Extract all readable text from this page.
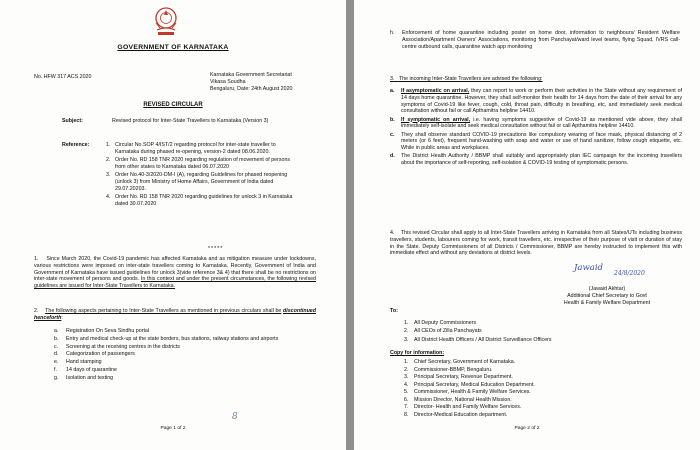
GOVERNMENT OF KARNATAKA
No. HFW 317 ACS 2020	Karnataka Government Secretariat
Vikasa Soudha
Bengaluru, Date: 24th August 2020
REVISED CIRCULAR
Subject:	Revised protocol for Inter-State Travellers to Karnataka (Version 3)
Reference:	1. Circular No.SOP 4/IST/2 regarding protocol for inter-state traveller to Karnataka during phased re-opening, version-2 dated 08.06.2020.
2. Order No. RD 158 TNR 2020 regarding regulation of movement of persons from other states to Karnataka dated 06.07.2020
3. Order No.40-3/2020-DM-I (A), regarding Guidelines for phased reopening (unlock 3) from Ministry of Home Affairs, Government of India dated 29.07.20203.
4. Order No. RD 158 TNR 2020 regarding guidelines for unlock 3 in Karnataka dated 30.07.2020
*****
1. Since March 2020, the Covid-19 pandemic has affected Karnataka and as mitigation measure under lockdowns, various restrictions were imposed on inter-state travellers coming to Karnataka. Recently, Government of India and Government of Karnataka have issued guidelines for unlock 3(vide reference 3& 4) that there shall be no restrictions on inter-state movement of persons and goods. In this context and under the present circumstances, the following revised guidelines are issued for Inter-State Travellers to Karnataka.
2. The following aspects pertaining to Inter-State Travellers as mentioned in previous circulars shall be discontinued henceforth:
a.	Registration On Seva Sindhu portal
b.	Entry and medical check-up at the state borders, bus stations, railway stations and airports
c.	Screening at the receiving centres in the districts
d.	Categorization of passengers
e.	Hand stamping
f.	14 days of quarantine
g.	Isolation and testing
8
Page 1 of 2
h.	Enforcement of home quarantine including poster on home door, information to neighbours/ Resident Welfare Association/Apartment Owners' Associations, monitoring from Panchayat/ward level teams, flying Squad, IVRS call-centre outbound calls, quarantine watch app monitoring
3. The incoming Inter-State Travellers are advised the following:
a.	If asymptomatic on arrival, they can report to work or perform their activities in the State without any requirement of 14 days home quarantine. However, they shall self-monitor their health for 14 days from the date of their arrival for any symptoms of Covid-19 like fever, cough, cold, throat pain, difficulty in breathing, etc, and immediately seek medical consultation without fail or call Apthamitra helpline 14410.
b.	If symptomatic on arrival, i.e. having symptoms suggestive of Covid-19 as mentioned vide above, they shall immediately self-isolate and seek medical consultation without fail or call Apthamitra helpline 14410.
c.	They shall observe standard COVID-19 precautions like compulsory wearing of face mask, physical distancing of 2 meters (or 6 feet), frequent hand-washing with soap and water or use of hand sanitizer, follow cough etiquette, etc. While in public areas and workplaces.
d.	The District Health Authority / BBMP shall suitably and appropriately plan IEC campaign for the incoming travellers about the importance of self-reporting, self-isolation & COVID-19 testing of symptomatic persons.
4. This revised Circular shall apply to all Inter-State Travellers arriving in Karnataka from all States/UTs including business travellers, students, labourers coming for work, transit travellers, etc. irrespective of their purpose of visit or duration of stay in the State. Deputy Commissioners of all Districts / Commissioner, BBMP are hereby instructed to implement this with immediate effect and without any deviations at district levels.
Jawaid
24/8/2020
(Jawaid Akhtar)
Additional Chief Secretary to Govt
Health & Family Welfare Department
To:
1.	All Deputy Commissioners
2.	All CEOs of Zilla Panchayats
3.	All District Health Officers / All District Surveillance Officers
Copy for information:
1.	Chief Secretary, Government of Karnataka.
2.	Commissioner-BBMP, Bengaluru.
3.	Principal Secretary, Revenue Department.
4.	Principal Secretary, Medical Education Department.
5.	Commissioner, Health & Family Welfare Services.
6.	Mission Director, National Health Mission.
7.	Director- Health and Family Welfare Services.
8.	Director-Medical Education department.
Page 2 of 2
